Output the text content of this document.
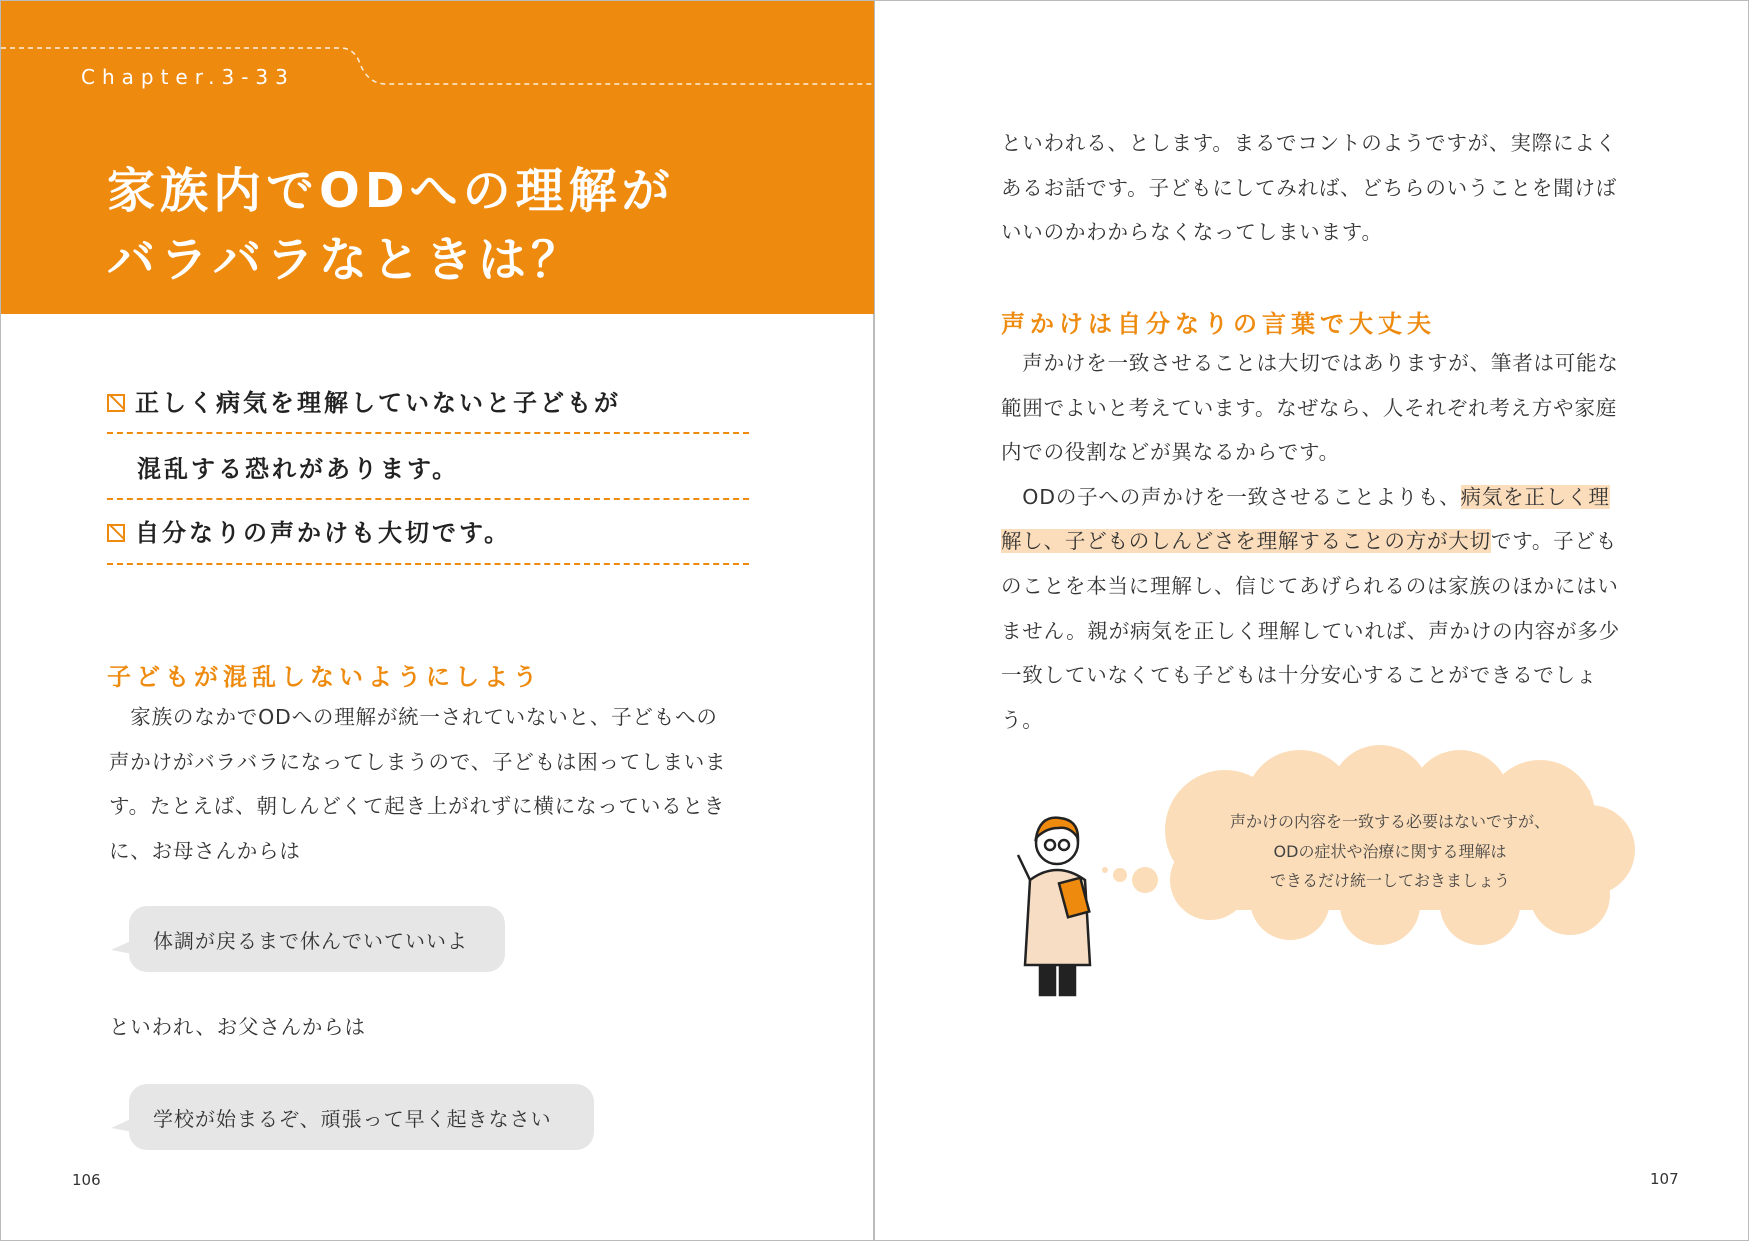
Chapter.3-33
家族内でODへの理解が
バラバラなときは？
正しく病気を理解していないと子どもが
混乱する恐れがあります。
自分なりの声かけも大切です。
子どもが混乱しないようにしよう
　家族のなかでODへの理解が統一されていないと、子どもへの
声かけがバラバラになってしまうので、子どもは困ってしまいま
す。たとえば、朝しんどくて起き上がれずに横になっているとき
に、お母さんからは
体調が戻るまで休んでいていいよ
といわれ、お父さんからは
学校が始まるぞ、頑張って早く起きなさい
106
といわれる、とします。まるでコントのようですが、実際によく
あるお話です。子どもにしてみれば、どちらのいうことを聞けば
いいのかわからなくなってしまいます。
声かけは自分なりの言葉で大丈夫
　声かけを一致させることは大切ではありますが、筆者は可能な
範囲でよいと考えています。なぜなら、人それぞれ考え方や家庭
内での役割などが異なるからです。
　ODの子への声かけを一致させることよりも、病気を正しく理
解し、子どものしんどさを理解することの方が大切です。子ども
のことを本当に理解し、信じてあげられるのは家族のほかにはい
ません。親が病気を正しく理解していれば、声かけの内容が多少
一致していなくても子どもは十分安心することができるでしょ
う。
声かけの内容を一致する必要はないですが、
ODの症状や治療に関する理解は
できるだけ統一しておきましょう
107
